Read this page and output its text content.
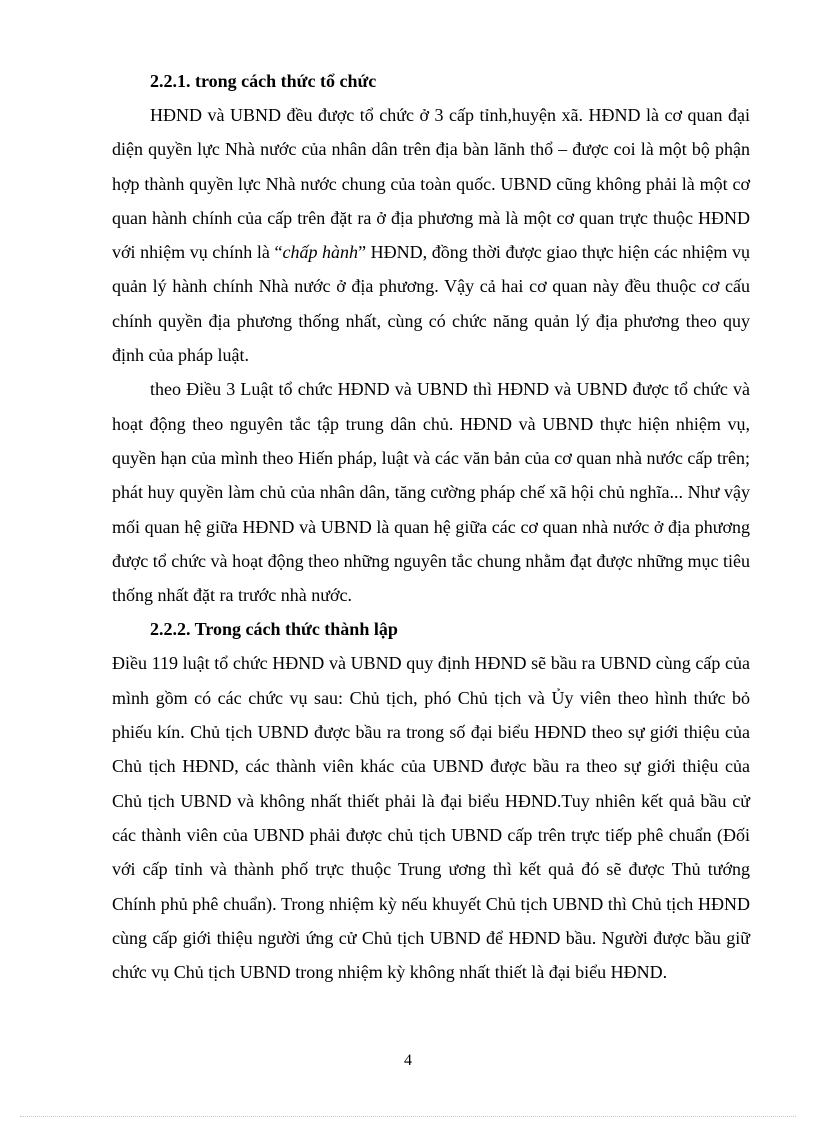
2.2.1. trong cách thức tổ chức

HĐND và UBND đều được tổ chức ở 3 cấp tỉnh,huyện xã. HĐND là cơ quan đại diện quyền lực Nhà nước của nhân dân trên địa bàn lãnh thổ – được coi là một bộ phận hợp thành quyền lực Nhà nước chung của toàn quốc. UBND cũng không phải là một cơ quan hành chính của cấp trên đặt ra ở địa phương mà là một cơ quan trực thuộc HĐND với nhiệm vụ chính là “chấp hành” HĐND, đồng thời được giao thực hiện các nhiệm vụ quản lý hành chính Nhà nước ở địa phương. Vậy cả hai cơ quan này đều thuộc cơ cấu chính quyền địa phương thống nhất, cùng có chức năng quản lý địa phương theo quy định của pháp luật.

theo Điều 3 Luật tổ chức HĐND và UBND thì HĐND và UBND được tổ chức và hoạt động theo nguyên tắc tập trung dân chủ. HĐND và UBND thực hiện nhiệm vụ, quyền hạn của mình theo Hiến pháp, luật và các văn bản của cơ quan nhà nước cấp trên; phát huy quyền làm chủ của nhân dân, tăng cường pháp chế xã hội chủ nghĩa... Như vậy mối quan hệ giữa HĐND và UBND là quan hệ giữa các cơ quan nhà nước ở địa phương được tổ chức và hoạt động theo những nguyên tắc chung nhằm đạt được những mục tiêu thống nhất đặt ra trước nhà nước.

2.2.2. Trong cách thức thành lập

Điều 119 luật tổ chức HĐND và UBND quy định HĐND sẽ bầu ra UBND cùng cấp của mình gồm có các chức vụ sau: Chủ tịch, phó Chủ tịch và Ủy viên theo hình thức bỏ phiếu kín. Chủ tịch UBND được bầu ra trong số đại biểu HĐND theo sự giới thiệu của Chủ tịch HĐND, các thành viên khác của UBND được bầu ra theo sự giới thiệu của Chủ tịch UBND và không nhất thiết phải là đại biểu HĐND.Tuy nhiên kết quả bầu cử các thành viên của UBND phải được chủ tịch UBND cấp trên trực tiếp phê chuẩn (Đối với cấp tỉnh và thành phố trực thuộc Trung ương thì kết quả đó sẽ được Thủ tướng Chính phủ phê chuẩn). Trong nhiệm kỳ nếu khuyết Chủ tịch UBND thì Chủ tịch HĐND cùng cấp giới thiệu người ứng cử Chủ tịch UBND để HĐND bầu. Người được bầu giữ chức vụ Chủ tịch UBND trong nhiệm kỳ không nhất thiết là đại biểu HĐND.

4
